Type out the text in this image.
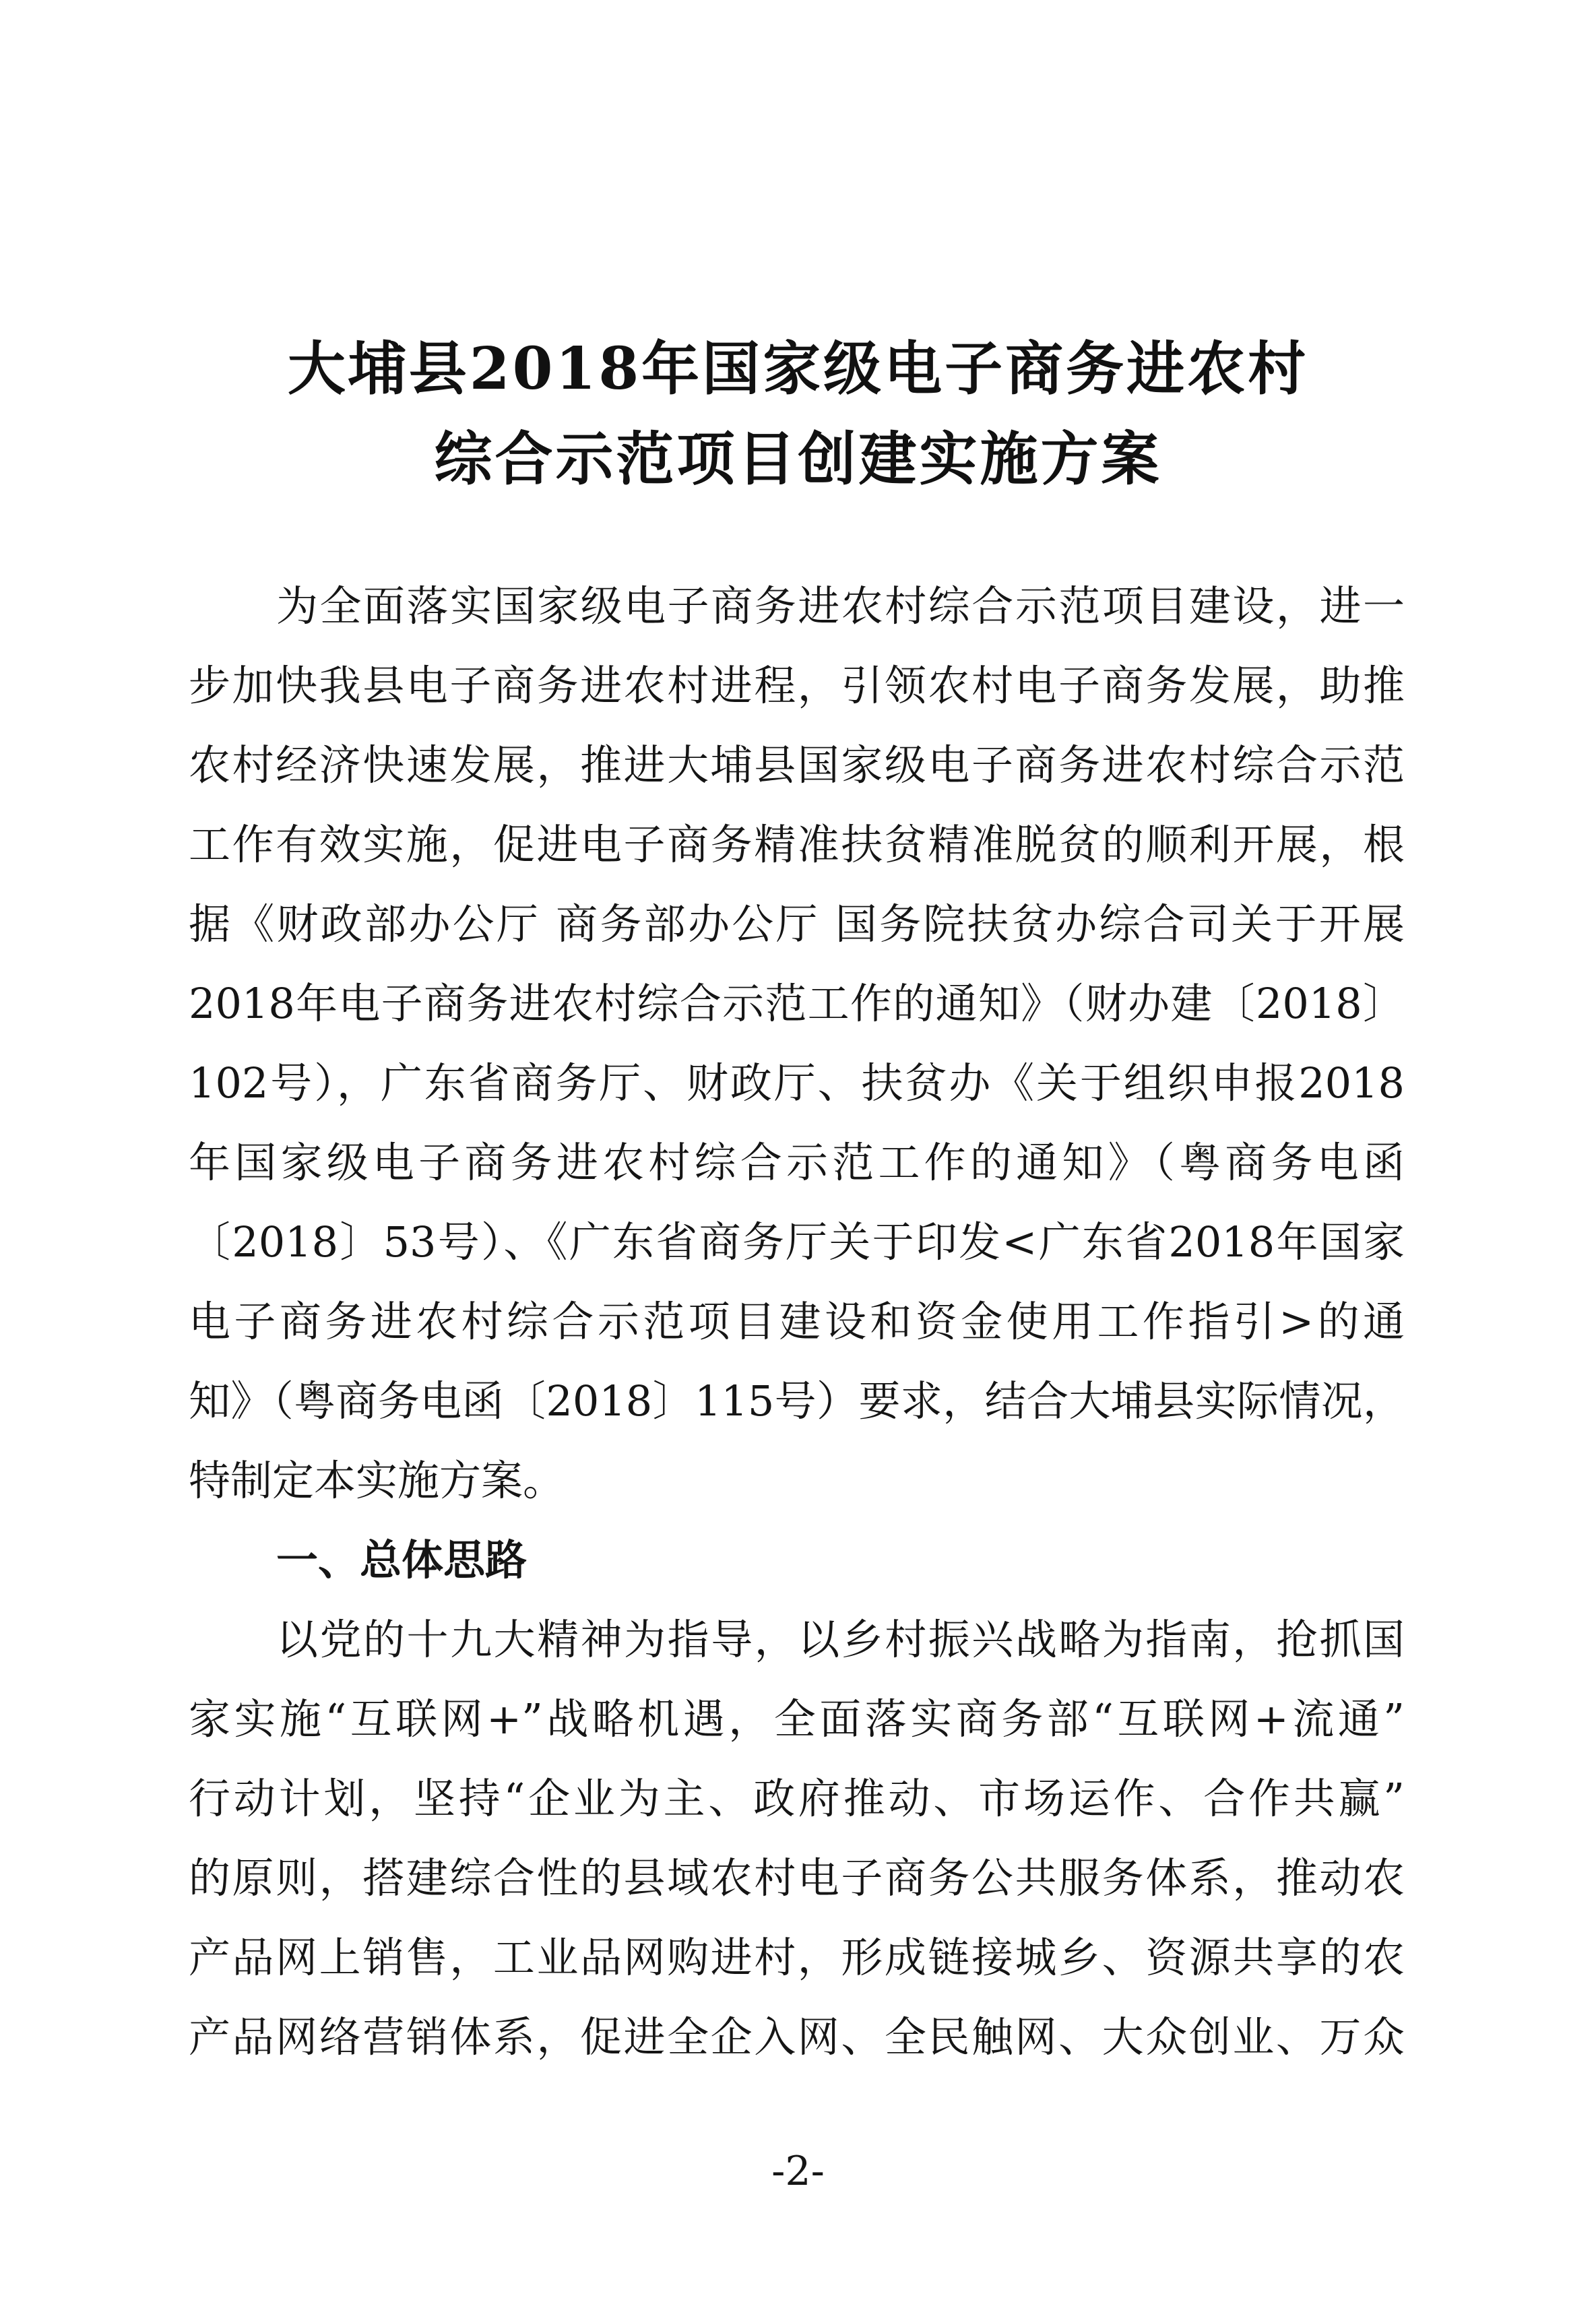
大埔县2018年国家级电子商务进农村
综合示范项目创建实施方案
为全面落实国家级电子商务进农村综合示范项目建设，进一
步加快我县电子商务进农村进程，引领农村电子商务发展，助推
农村经济快速发展，推进大埔县国家级电子商务进农村综合示范
工作有效实施，促进电子商务精准扶贫精准脱贫的顺利开展，根
据《财政部办公厅 商务部办公厅 国务院扶贫办综合司关于开展
2018年电子商务进农村综合示范工作的通知》（财办建〔2018〕
102号），广东省商务厅、财政厅、扶贫办《关于组织申报2018
年国家级电子商务进农村综合示范工作的通知》（粤商务电函
〔2018〕53号）、《广东省商务厅关于印发<广东省2018年国家
电子商务进农村综合示范项目建设和资金使用工作指引>的通
知》（粤商务电函〔2018〕115号）要求，结合大埔县实际情况，
特制定本实施方案。
一、总体思路
以党的十九大精神为指导，以乡村振兴战略为指南，抢抓国
家实施“互联网+”战略机遇，全面落实商务部“互联网+流通”
行动计划，坚持“企业为主、政府推动、市场运作、合作共赢”
的原则，搭建综合性的县域农村电子商务公共服务体系，推动农
产品网上销售，工业品网购进村，形成链接城乡、资源共享的农
产品网络营销体系，促进全企入网、全民触网、大众创业、万众
-2-
